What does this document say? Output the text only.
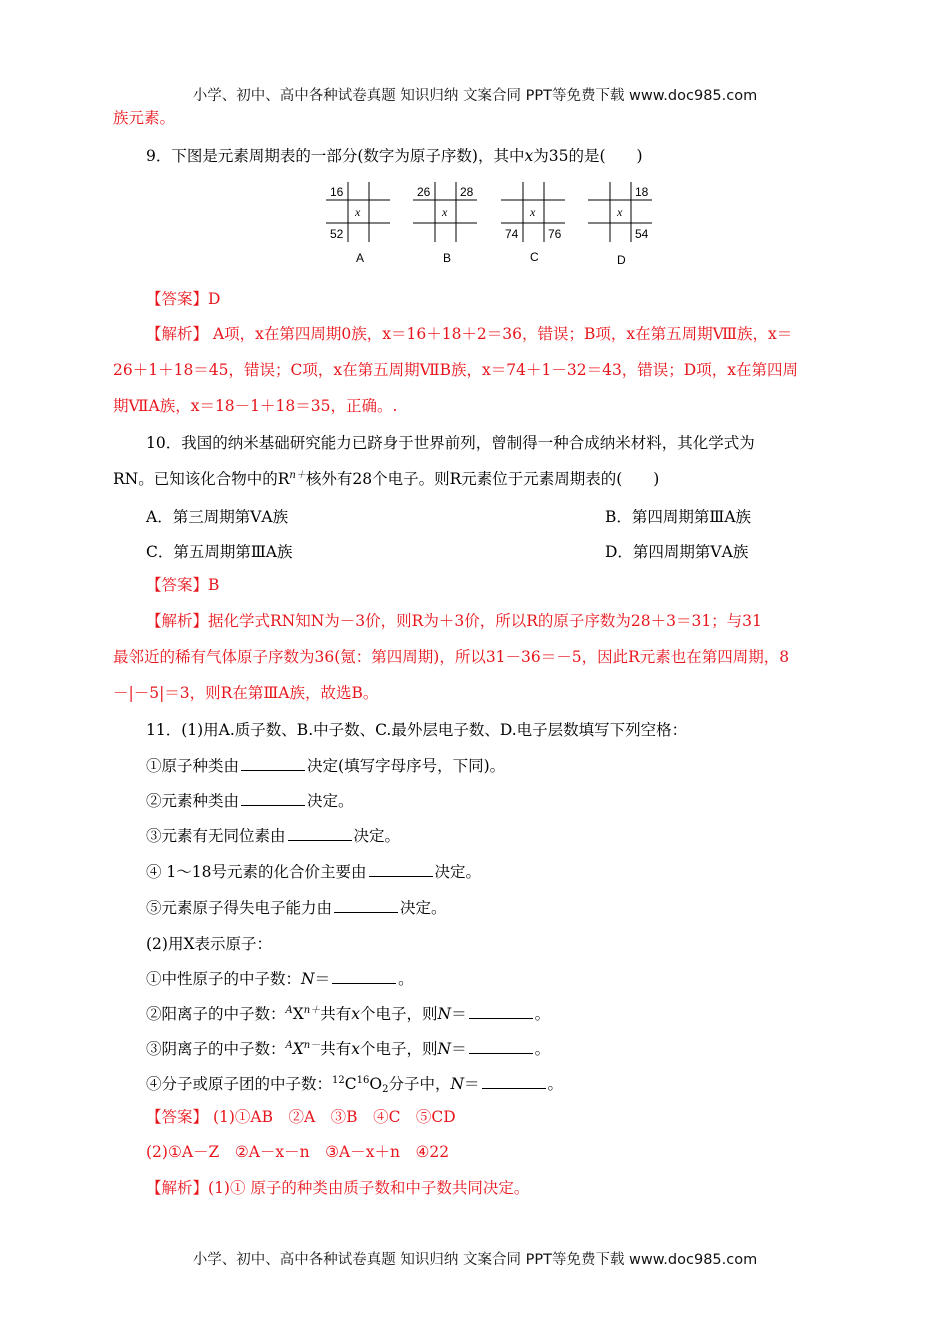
小学、初中、高中各种试卷真题 知识归纳 文案合同 PPT等免费下载 www.doc985.com
族元素。
9．下图是元素周期表的一部分(数字为原子序数)，其中x为35的是(　　)
16
52
x
A
26 28
x
B
74 76
x
C
18
54
x
D
【答案】D
【解析】 A项，x在第四周期0族，x＝16＋18＋2＝36，错误；B项，x在第五周期Ⅷ族，x＝
26＋1＋18＝45，错误；C项，x在第五周期ⅦB族，x＝74＋1－32＝43，错误；D项，x在第四周
期ⅦA族，x＝18－1＋18＝35，正确。.
10．我国的纳米基础研究能力已跻身于世界前列，曾制得一种合成纳米材料，其化学式为
RN。已知该化合物中的$R^{n+}$核外有28个电子。则R元素位于元素周期表的(　　)
A．第三周期第ⅤA族	B．第四周期第ⅢA族
C．第五周期第ⅢA族	D．第四周期第ⅤA族
【答案】B
【解析】据化学式RN知N为－3价，则R为＋3价，所以R的原子序数为28＋3＝31；与31
最邻近的稀有气体原子序数为36(氪：第四周期)，所以31－36＝－5，因此R元素也在第四周期，8
－|－5|＝3，则R在第ⅢA族，故选B。
11．(1)用A.质子数、B.中子数、C.最外层电子数、D.电子层数填写下列空格：
①原子种类由	决定(填写字母序号，下同)。
②元素种类由	决定。
③元素有无同位素由	决定。
④ 1～18号元素的化合价主要由	决定。
⑤元素原子得失电子能力由	决定。
(2)用X表示原子：
①中性原子的中子数：N＝	。
②阳离子的中子数：$^AX^{n+}$共有x个电子，则N＝	。
③阴离子的中子数：$^AX^{n-}$共有x个电子，则N＝	。
④分子或原子团的中子数：$^{12}C^{16}O_2$分子中，N＝	。
【答案】 (1)①AB　②A　③B　④C　⑤CD
(2)①A－Z　②A－x－n　③A－x＋n　④22
【解析】(1)① 原子的种类由质子数和中子数共同决定。
小学、初中、高中各种试卷真题 知识归纳 文案合同 PPT等免费下载 www.doc985.com
